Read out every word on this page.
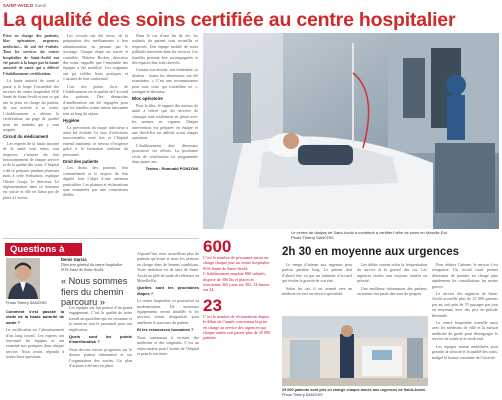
SAINT-AVOLD Santé
La qualité des soins certifiée au centre hospitalier

Prise en charge des patients, bloc opératoire, urgences, médecine... ils ont été évalués. Tous les services du centre hospitalier de Saint-Avold ont été passés à la loupe par la haute autorité de santé qui a délivré l’établissement certification.

La haute autorité de santé a passé à la loupe l’ensemble des services du centre hospitalier SOS Santé de Saint-Avold et tout ce qui fait la prise en charge du patient, de son arrivée à sa sortie. L’établissement a obtenu la certification, un gage de qualité pour les malades qui y sont soignés.

Circuit du médicament

Les experts de la haute autorité de la santé sont venus tout inspecter, s’assurer du bon fonctionnement de chaque service et de la qualité des soins. L’hôpital a dû se préparer pendant plusieurs mois à cette évaluation, explique Olivier Gouju, le directeur. La réglementation dans ce domaine est stricte et elle ne laisse pas de place à l’erreur.

Les circuits ont été revus, de la préparation des médicaments à leur administration, en passant par le stockage. Chaque étape est tracée et contrôlée. Thérèse Becker, directrice des soins, rappelle que l’ensemble des équipes a été mobilisé. Les soignants ont pu valider leurs pratiques et s’assurer de leur conformité.

L’un des points forts de l’établissement est la qualité de l’accueil des patients. Des démarches d’amélioration ont été engagées pour que les familles soient mieux informées tout au long du séjour.

Hygiène

La prévention du risque infectieux a aussi été évaluée. Le taux d’infections nosocomiales reste bas et l’hôpital entend maintenir ce niveau d’exigence grâce à la formation continue du personnel.

Droit des patients

Les droits des patients, leur consentement et le respect de leur dignité font l’objet d’une attention particulière. Les plaintes et réclamations sont examinées par une commission dédiée.

Dans le cas d’une fin de vie, les souhaits du patient sont recueillis et respectés. Une équipe mobile de soins palliatifs intervient dans les services. Les familles peuvent être accompagnées et des espaces leur sont réservés.

Comme son dossier, son traitement, sa douleur : toutes les dimensions ont été examinées. « C’est une reconnaissance pour tous ceux qui travaillent ici », souligne le directeur.

Bloc opératoire

Pour le bloc, le rapport des auteurs de santé a relevé que les services de chirurgie sont totalement en phase avec les normes en vigueur. Chaque intervention est préparée en équipe et une check-list est utilisée avant chaque opération.

L’établissement doit désormais poursuivre ses efforts. La prochaine visite de certification est programmée dans quatre ans.

Textes : Romuald PONZONI
Le centre de dialyse de Saint-Avold a contribué à certifier l’offre de soins en Moselle-Est.
Photo Thierry SANCHIS
Questions à
Photo Thierry SANCHIS
Denis Garcia
Directeur général du centre hospitalier SOS Santé de Saint-Avold.
« Nous sommes fiers du chemin parcouru »

Comment s’est passée la visite de la haute autorité de santé ?

La certification est l’aboutissement d’un long travail. Les experts ont rencontré les équipes et ont examiné nos pratiques dans chaque service. Nous avons répondu à toutes leurs questions.

Les équipes ont fait preuve d’un grand engagement. C’est la qualité de notre travail au quotidien qui est reconnue et je remercie tout le personnel pour son implication.

Quels sont les points d’amélioration ?

Nous devons encore progresser sur le dossier patient informatisé et sur l’organisation des sorties. Un plan d’actions a été mis en place.

Aujourd’hui, nous accueillons plus de patients qu’avant et nous les prenons en charge dans de bonnes conditions. Notre ambition est de faire de Saint-Avold un pôle de santé de référence en Moselle-Est.

Quelles sont les prochaines étapes ?

Le centre hospitalier va poursuivre sa modernisation. De nouveaux équipements seront installés et les services seront réorganisés pour améliorer le parcours du patient.

Et les ressources humaines ?

Nous continuons à recruter des médecins et des soignants. C’est un enjeu majeur pour l’avenir de l’hôpital et pour le territoire.

600

C’est le nombre de personnes prises en charge chaque jour au centre hospitalier SOS Santé de Saint-Avold. L’établissement emploie 800 salariés, dispose de 300 lits et places et fonctionne 365 jours sur 365, 24 heures sur 24.

23

C’est le nombre de réclamations depuis le début de l’année concernant la prise en charge au service des urgences qui chaque année voit passer plus de 25 000 patients.

2h 30 en moyenne aux urgences

Le temps d’attente aux urgences peut parfois paraître long. Le patient doit d’abord être vu par un infirmier d’accueil qui évalue la gravité de son état.

Selon les cas, il est orienté vers un médecin ou vers un service spécialisé.

Les délais varient selon la fréquentation du service et la gravité des cas. Les urgences vitales sont toujours traitées en priorité.

Une meilleure information des patients en attente fait partie des axes de progrès.

Pour réduire l’attente, le service s’est réorganisé. Un circuit court permet désormais de prendre en charge plus rapidement les consultations les moins graves.

Le service des urgences de Saint-Avold accueille plus de 25 000 patients par an, soit près de 70 passages par jour en moyenne, avec des pics en période hivernale.

Le centre hospitalier travaille aussi avec les médecins de ville et la maison médicale de garde pour désengorger le service en soirée et le week-end.

Les équipes restent mobilisées pour garantir la sécurité et la qualité des soins, malgré la hausse constante de l’activité.

25 000 patients sont pris en charge chaque année aux urgences de Saint-Avold. Photo Thierry SANCHIS
